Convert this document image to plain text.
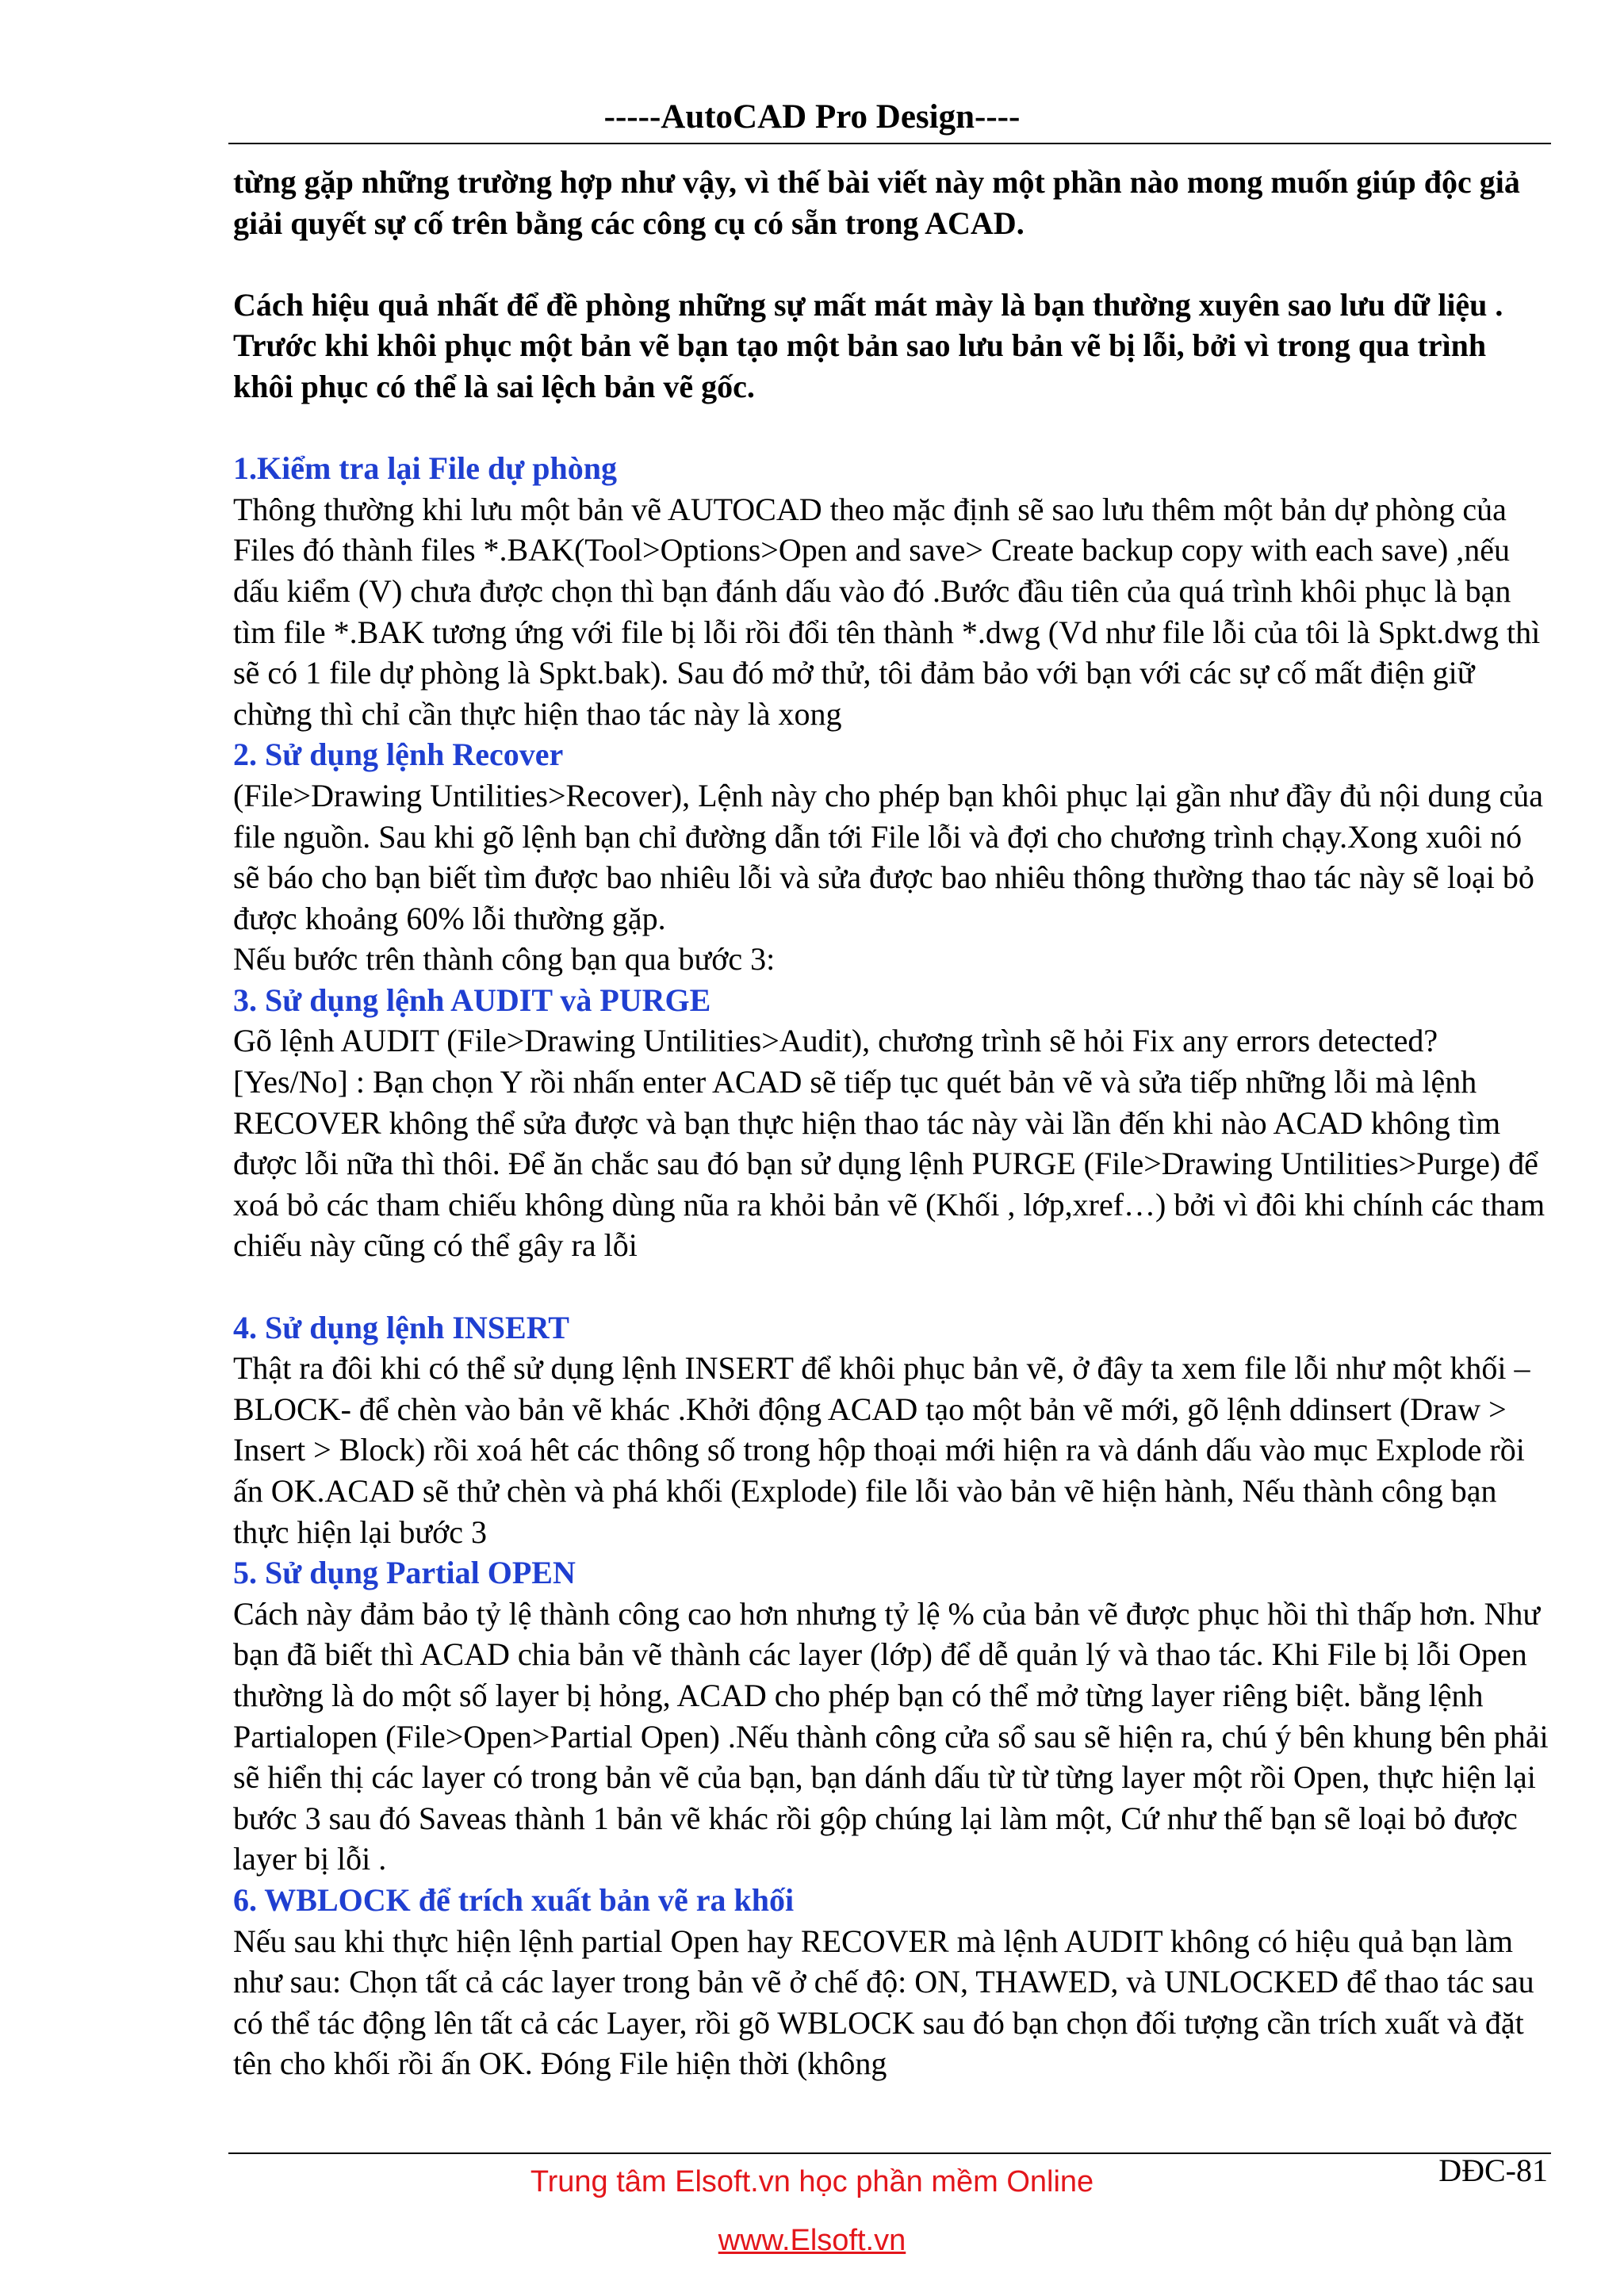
-----AutoCAD Pro Design----

từng gặp những trường hợp như vậy, vì thế bài viết này một phần nào mong muốn giúp độc giả giải quyết sự cố trên bằng các công cụ có sẵn trong ACAD.

Cách hiệu quả nhất để đề phòng những sự mất mát mày là bạn thường xuyên sao lưu dữ liệu . Trước khi khôi phục một bản vẽ bạn tạo một bản sao lưu bản vẽ bị lỗi, bởi vì trong qua trình khôi phục có thể là sai lệch bản vẽ gốc.

1.Kiểm tra lại File dự phòng

Thông thường khi lưu một bản vẽ AUTOCAD theo mặc định sẽ sao lưu thêm một bản dự phòng của Files đó thành files *.BAK(Tool>Options>Open and save> Create backup copy with each save) ,nếu dấu kiểm (V) chưa được chọn thì bạn đánh dấu vào đó .Bước đầu tiên của quá trình khôi phục là bạn tìm file *.BAK tương ứng với file bị lỗi rồi đổi tên thành *.dwg (Vd như file lỗi của tôi là Spkt.dwg thì sẽ có 1 file dự phòng là Spkt.bak). Sau đó mở thử, tôi đảm bảo với bạn với các sự cố mất điện giữ chừng thì chỉ cần thực hiện thao tác này là xong

2. Sử dụng lệnh Recover

(File>Drawing Untilities>Recover), Lệnh này cho phép bạn khôi phục lại gần như đầy đủ nội dung của file nguồn. Sau khi gõ lệnh bạn chỉ đường dẫn tới File lỗi và đợi cho chương trình chạy.Xong xuôi nó sẽ báo cho bạn biết tìm được bao nhiêu lỗi và sửa được bao nhiêu thông thường thao tác này sẽ loại bỏ được khoảng 60% lỗi thường gặp.

Nếu bước trên thành công bạn qua bước 3:

3. Sử dụng lệnh AUDIT và PURGE

Gõ lệnh AUDIT (File>Drawing Untilities>Audit), chương trình sẽ hỏi Fix any errors detected? [Yes/No] : Bạn chọn Y rồi nhấn enter ACAD sẽ tiếp tục quét bản vẽ và sửa tiếp những lỗi mà lệnh RECOVER không thể sửa được và bạn thực hiện thao tác này vài lần đến khi nào ACAD không tìm được lỗi nữa thì thôi. Để ăn chắc sau đó bạn sử dụng lệnh PURGE (File>Drawing Untilities>Purge) để xoá bỏ các tham chiếu không dùng nũa ra khỏi bản vẽ (Khối , lớp,xref…) bởi vì đôi khi chính các tham chiếu này cũng có thể gây ra lỗi

4. Sử dụng lệnh INSERT

Thật ra đôi khi có thể sử dụng lệnh INSERT để khôi phục bản vẽ, ở đây ta xem file lỗi như một khối – BLOCK- để chèn vào bản vẽ khác .Khởi động ACAD tạo một bản vẽ mới, gõ lệnh ddinsert (Draw > Insert > Block) rồi xoá hêt các thông số trong hộp thoại mới hiện ra và dánh dấu vào mục Explode rồi ấn OK.ACAD sẽ thử chèn và phá khối (Explode) file lỗi vào bản vẽ hiện hành, Nếu thành công bạn thực hiện lại bước 3

5. Sử dụng Partial OPEN

Cách này đảm bảo tỷ lệ thành công cao hơn nhưng tỷ lệ % của bản vẽ được phục hồi thì thấp hơn. Như bạn đã biết thì ACAD chia bản vẽ thành các layer (lớp) để dễ quản lý và thao tác. Khi File bị lỗi Open thường là do một số layer bị hỏng, ACAD cho phép bạn có thể mở từng layer riêng biệt. bằng lệnh Partialopen (File>Open>Partial Open) .Nếu thành công cửa sổ sau sẽ hiện ra, chú ý bên khung bên phải sẽ hiển thị các layer có trong bản vẽ của bạn, bạn dánh dấu từ từ từng layer một rồi Open, thực hiện lại bước 3 sau đó Saveas thành 1 bản vẽ khác rồi gộp chúng lại làm một, Cứ như thế bạn sẽ loại bỏ được layer bị lỗi .

6. WBLOCK để trích xuất bản vẽ ra khối

Nếu sau khi thực hiện lệnh partial Open hay RECOVER mà lệnh AUDIT không có hiệu quả bạn làm như sau: Chọn tất cả các layer trong bản vẽ ở chế độ: ON, THAWED, và UNLOCKED để thao tác sau có thể tác động lên tất cả các Layer, rồi gõ WBLOCK sau đó bạn chọn đối tượng cần trích xuất và đặt tên cho khối rồi ấn OK. Đóng File hiện thời (không

Trung tâm Elsoft.vn học phần mềm Online	DĐC-81
www.Elsoft.vn
